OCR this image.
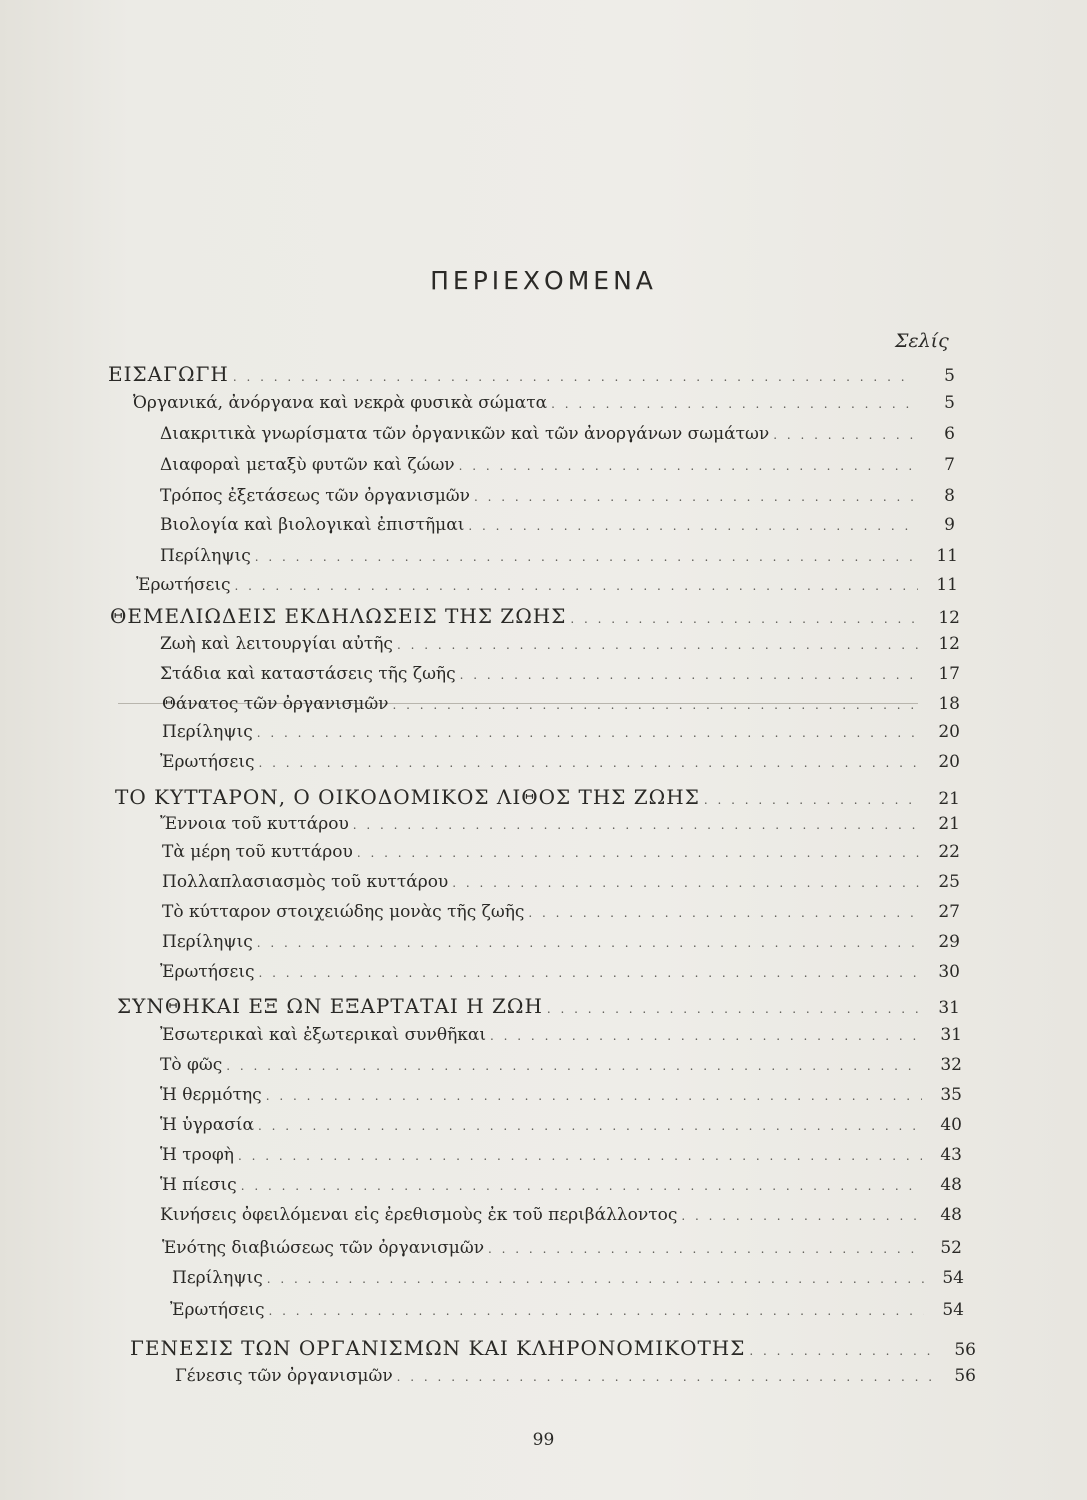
ΠΕΡΙΕΧΟΜΕΝΑ
Σελίς
ΕΙΣΑΓΩΓΗ . . .	5
Ὀργανικά, ἀνόργανα καὶ νεκρὰ φυσικὰ σώματα . . .	5
Διακριτικὰ γνωρίσματα τῶν ὀργανικῶν καὶ τῶν ἀνοργάνων σωμάτων . . .	6
Διαφοραὶ μεταξὺ φυτῶν καὶ ζώων . . .	7
Τρόπος ἐξετάσεως τῶν ὀργανισμῶν . . .	8
Βιολογία καὶ βιολογικαὶ ἐπιστῆμαι . . .	9
Περίληψις . . .	11
Ἐρωτήσεις . . .	11
ΘΕΜΕΛΙΩΔΕΙΣ ΕΚΔΗΛΩΣΕΙΣ ΤΗΣ ΖΩΗΣ . . .	12
Ζωὴ καὶ λειτουργίαι αὐτῆς . . .	12
Στάδια καὶ καταστάσεις τῆς ζωῆς . . .	17
Θάνατος τῶν ὀργανισμῶν . . .	18
Περίληψις . . .	20
Ἐρωτήσεις . . .	20
ΤΟ ΚΥΤΤΑΡΟΝ, Ο ΟΙΚΟΔΟΜΙΚΟΣ ΛΙΘΟΣ ΤΗΣ ΖΩΗΣ . . .	21
Ἔννοια τοῦ κυττάρου . . .	21
Τὰ μέρη τοῦ κυττάρου . . .	22
Πολλαπλασιασμὸς τοῦ κυττάρου . . .	25
Τὸ κύτταρον στοιχειώδης μονὰς τῆς ζωῆς . . .	27
Περίληψις . . .	29
Ἐρωτήσεις . . .	30
ΣΥΝΘΗΚΑΙ ΕΞ ΩΝ ΕΞΑΡΤΑΤΑΙ Η ΖΩΗ . . .	31
Ἐσωτερικαὶ καὶ ἐξωτερικαὶ συνθῆκαι . . .	31
Τὸ φῶς . . .	32
Ἡ θερμότης . . .	35
Ἡ ὑγρασία . . .	40
Ἡ τροφὴ . . .	43
Ἡ πίεσις . . .	48
Κινήσεις ὀφειλόμεναι εἰς ἐρεθισμοὺς ἐκ τοῦ περιβάλλοντος . . .	48
Ἑνότης διαβιώσεως τῶν ὀργανισμῶν . . .	52
Περίληψις . . .	54
Ἐρωτήσεις . . .	54
ΓΕΝΕΣΙΣ ΤΩΝ ΟΡΓΑΝΙΣΜΩΝ ΚΑΙ ΚΛΗΡΟΝΟΜΙΚΟΤΗΣ . . .	56
Γένεσις τῶν ὀργανισμῶν . . .	56
99
